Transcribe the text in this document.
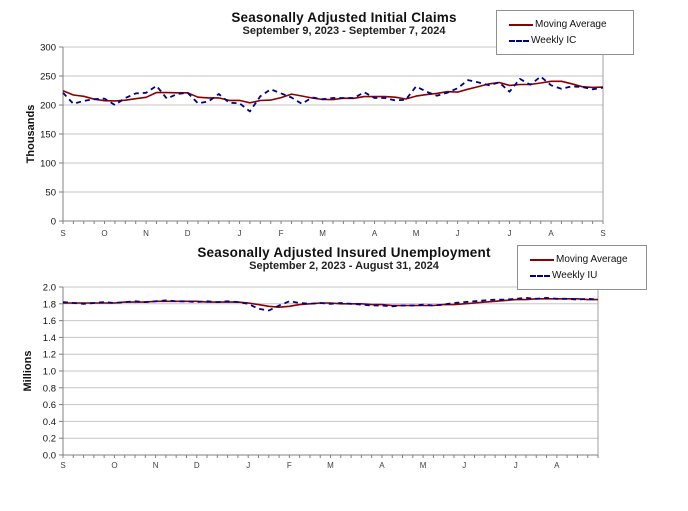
0
50
100
150
200
250
300
S	O	N	D	J	F	M	A	M	J	J	A	S
0.0
0.2
0.4
0.6
0.8
1.0
1.2
1.4
1.6
1.8
2.0
S	O	N	D	J	F	M	A	M	J	J	A
Seasonally Adjusted Initial Claims
September 9, 2023 - September 7, 2024
Thousands
Moving Average
Weekly IC
Seasonally Adjusted Insured Unemployment
September 2, 2023 - August 31, 2024
Millions
Moving Average
Weekly IU
